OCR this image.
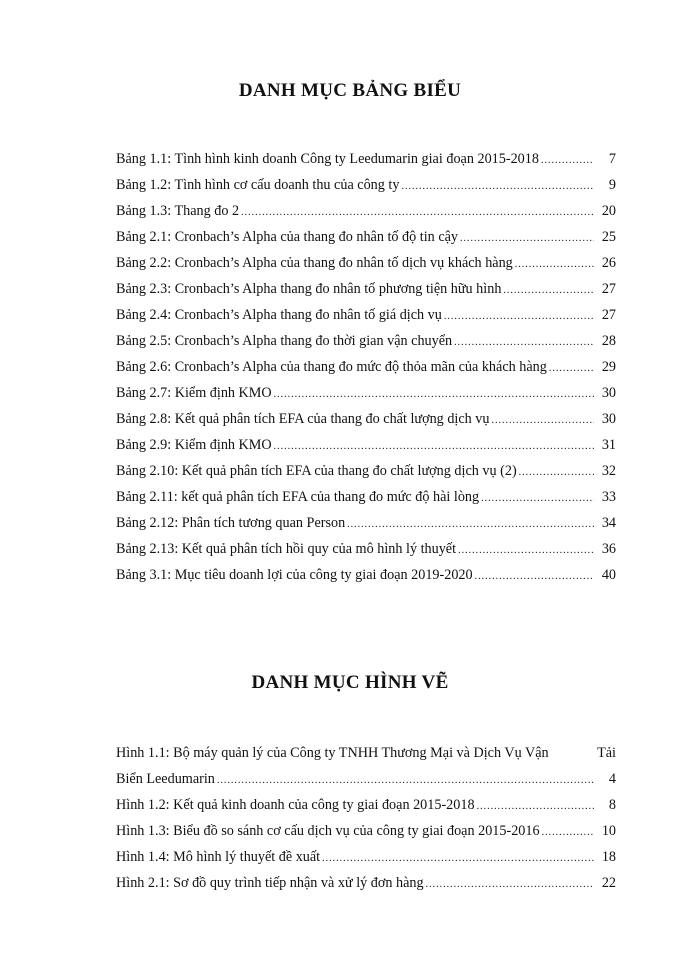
DANH MỤC BẢNG BIỂU
Bảng 1.1: Tình hình kinh doanh Công ty Leedumarin giai đoạn 2015-2018 .....	7
Bảng 1.2: Tình hình cơ cấu doanh thu của công ty .....	9
Bảng 1.3: Thang đo 2 .....	20
Bảng 2.1: Cronbach’s Alpha của thang đo nhân tố độ tin cậy .....	25
Bảng 2.2: Cronbach’s Alpha của thang đo nhân tố dịch vụ khách hàng .....	26
Bảng 2.3: Cronbach’s Alpha thang đo nhân tố phương tiện hữu hình .....	27
Bảng 2.4: Cronbach’s Alpha thang đo nhân tố giá dịch vụ .....	27
Bảng 2.5: Cronbach’s Alpha thang đo thời gian vận chuyển .....	28
Bảng 2.6: Cronbach’s Alpha của thang đo mức độ thỏa mãn của khách hàng .....	29
Bảng 2.7: Kiểm định KMO .....	30
Bảng 2.8: Kết quả phân tích EFA của thang đo chất lượng dịch vụ .....	30
Bảng 2.9: Kiểm định KMO .....	31
Bảng 2.10: Kết quả phân tích EFA của thang đo chất lượng dịch vụ (2) .....	32
Bảng 2.11: kết quả phân tích EFA của thang đo mức độ hài lòng .....	33
Bảng 2.12: Phân tích tương quan Person .....	34
Bảng 2.13: Kết quả phân tích hồi quy của mô hình lý thuyết .....	36
Bảng 3.1: Mục tiêu doanh lợi của công ty giai đoạn 2019-2020 .....	40
DANH MỤC HÌNH VẼ
Hình 1.1: Bộ máy quản lý của Công ty TNHH Thương Mại và Dịch Vụ Vận	Tải
Biển Leedumarin .....	4
Hình 1.2: Kết quả kinh doanh của công ty giai đoạn 2015-2018 .....	8
Hình 1.3: Biểu đồ so sánh cơ cấu dịch vụ của công ty giai đoạn 2015-2016 .....	10
Hình 1.4: Mô hình lý thuyết đề xuất .....	18
Hình 2.1: Sơ đồ quy trình tiếp nhận và xử lý đơn hàng .....	22
